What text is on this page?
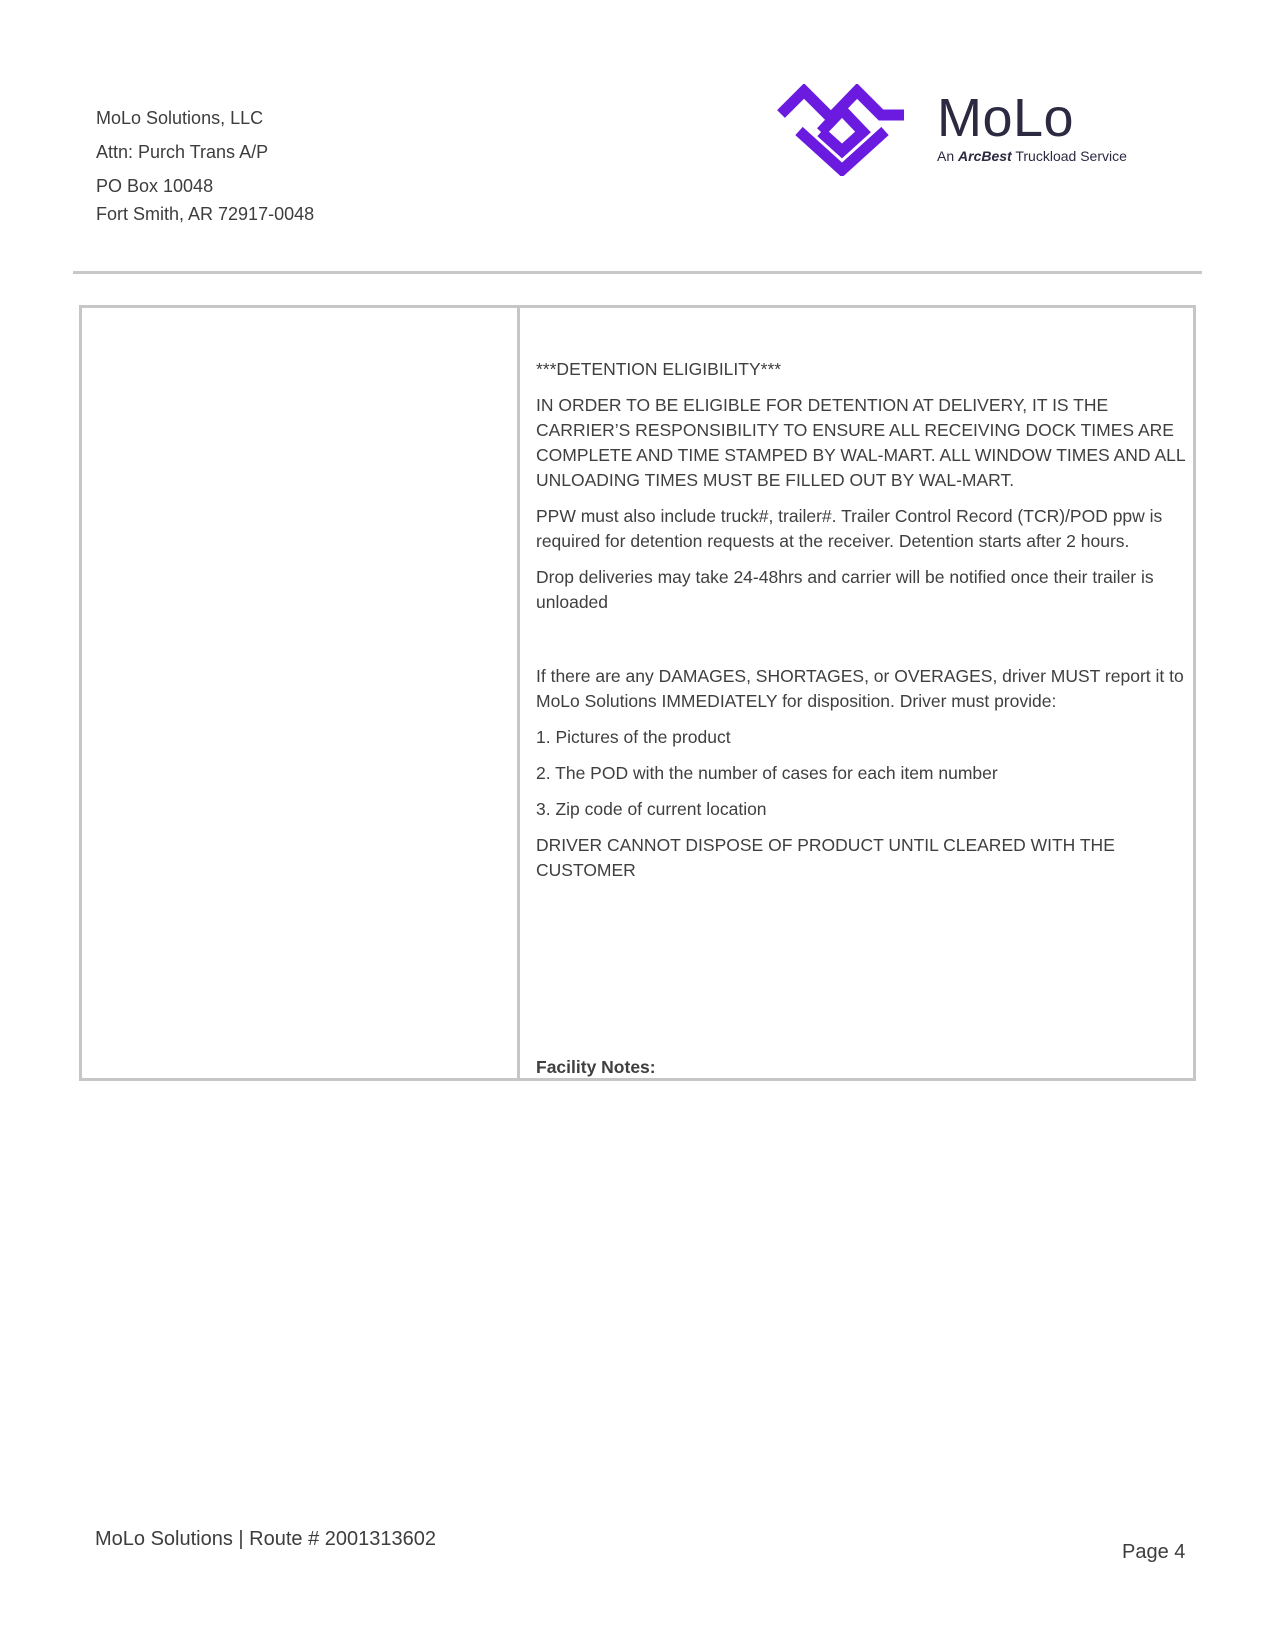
MoLo Solutions, LLC
Attn: Purch Trans A/P
PO Box 10048
Fort Smith, AR 72917-0048
MoLo
An ArcBest Truckload Service

***DETENTION ELIGIBILITY***

IN ORDER TO BE ELIGIBLE FOR DETENTION AT DELIVERY, IT IS THE CARRIER’S RESPONSIBILITY TO ENSURE ALL RECEIVING DOCK TIMES ARE COMPLETE AND TIME STAMPED BY WAL-MART. ALL WINDOW TIMES AND ALL UNLOADING TIMES MUST BE FILLED OUT BY WAL-MART.

PPW must also include truck#, trailer#. Trailer Control Record (TCR)/POD ppw is required for detention requests at the receiver. Detention starts after 2 hours.

Drop deliveries may take 24-48hrs and carrier will be notified once their trailer is unloaded

If there are any DAMAGES, SHORTAGES, or OVERAGES, driver MUST report it to MoLo Solutions IMMEDIATELY for disposition. Driver must provide:

1. Pictures of the product

2. The POD with the number of cases for each item number

3. Zip code of current location

DRIVER CANNOT DISPOSE OF PRODUCT UNTIL CLEARED WITH THE CUSTOMER

Facility Notes:
MoLo Solutions | Route # 2001313602
Page 4
